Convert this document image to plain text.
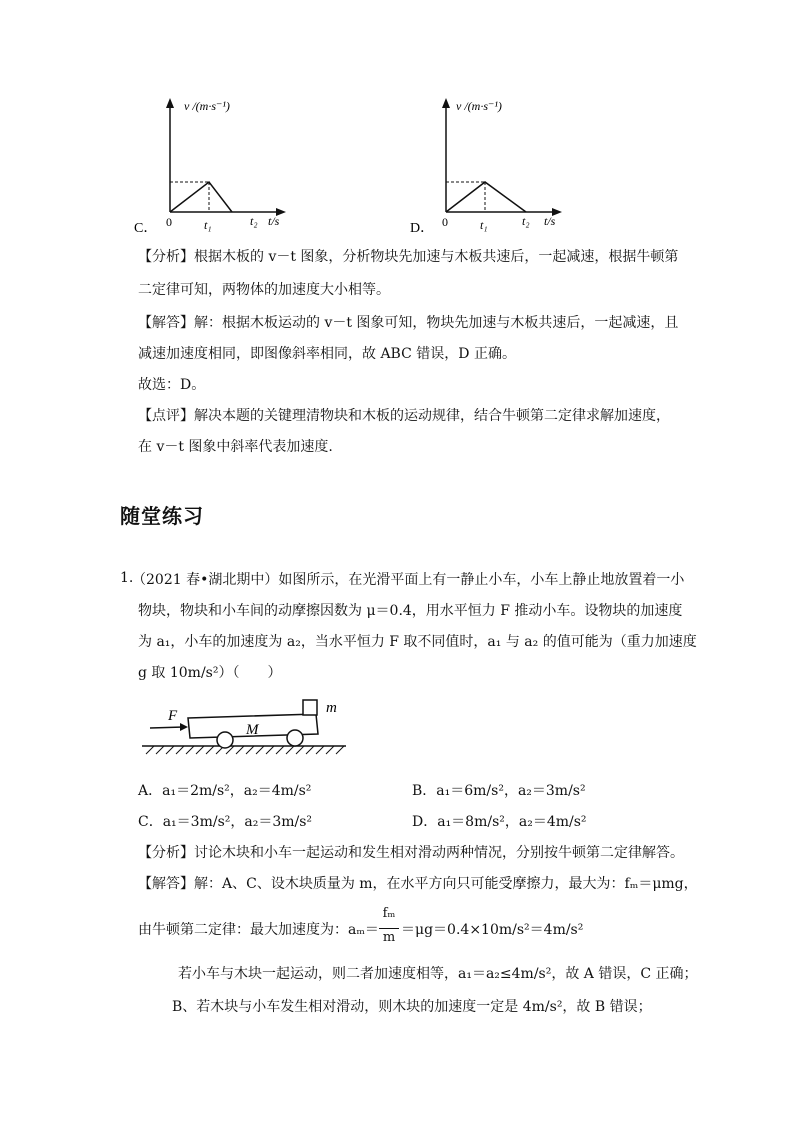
C．
v /(m·s⁻¹)
0	t₁	t₂ t/s	D．
v /(m·s⁻¹)
0	t₁	t₂ t/s
【分析】根据木板的 v－t 图象，分析物块先加速与木板共速后，一起减速，根据牛顿第
二定律可知，两物体的加速度大小相等。
【解答】解：根据木板运动的 v－t 图象可知，物块先加速与木板共速后，一起减速，且
减速加速度相同，即图像斜率相同，故 ABC 错误，D 正确。
故选：D。
【点评】解决本题的关键理清物块和木板的运动规律，结合牛顿第二定律求解加速度，
在 v－t 图象中斜率代表加速度.
随堂练习
1.
（2021 春•湖北期中）如图所示，在光滑平面上有一静止小车，小车上静止地放置着一小
物块，物块和小车间的动摩擦因数为 μ＝0.4，用水平恒力 F 推动小车。设物块的加速度
为 a₁，小车的加速度为 a₂，当水平恒力 F 取不同值时，a₁ 与 a₂ 的值可能为（重力加速度
g 取 10m/s²）（　　）
F
M
m
A．a₁＝2m/s²，a₂＝4m/s²	B．a₁＝6m/s²，a₂＝3m/s²
C．a₁＝3m/s²，a₂＝3m/s²	D．a₁＝8m/s²，a₂＝4m/s²
【分析】讨论木块和小车一起运动和发生相对滑动两种情况，分别按牛顿第二定律解答。
【解答】解：A、C、设木块质量为 m，在水平方向只可能受摩擦力，最大为：fₘ＝μmg，
由牛顿第二定律：最大加速度为：aₘ＝
fₘ
m ＝μg＝0.4×10m/s²＝4m/s²
若小车与木块一起运动，则二者加速度相等，a₁＝a₂≤4m/s²，故 A 错误，C 正确；
B、若木块与小车发生相对滑动，则木块的加速度一定是 4m/s²，故 B 错误；
